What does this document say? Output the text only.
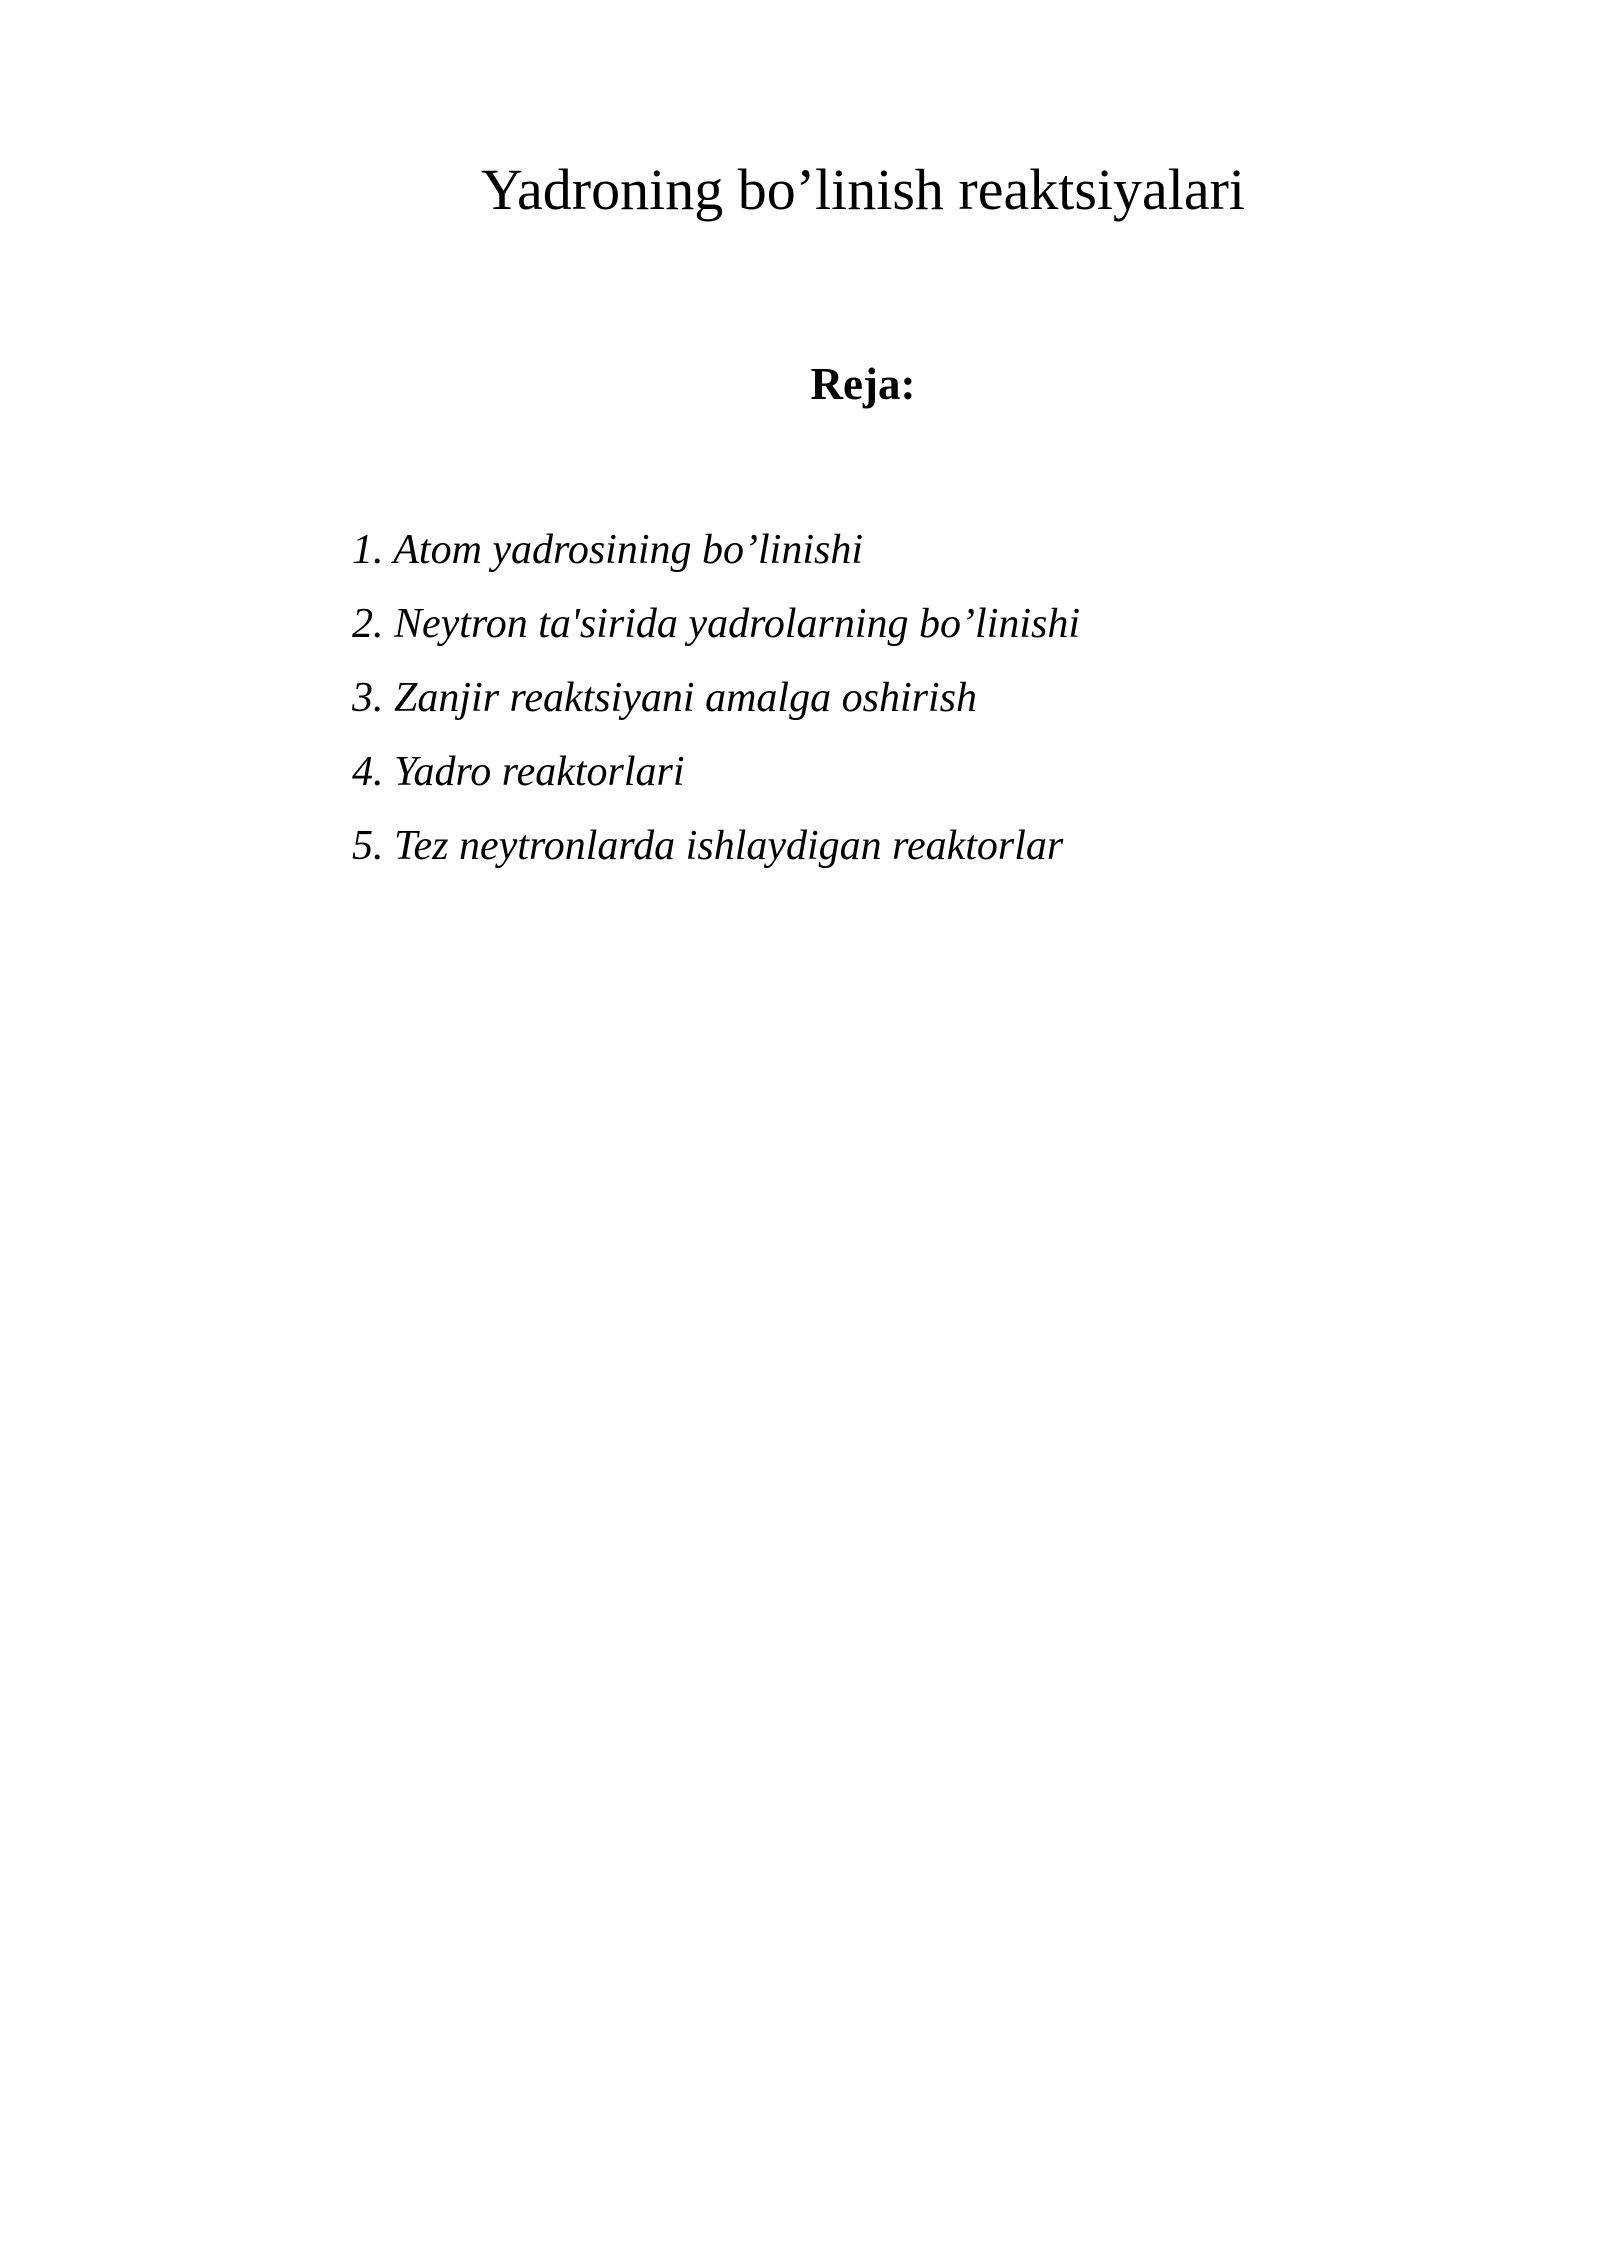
Yadroning bo’linish reaktsiyalari
Reja:
1. Atom yadrosining bo’linishi
2. Neytron ta'sirida yadrolarning bo’linishi
3. Zanjir reaktsiyani amalga oshirish
4. Yadro reaktorlari
5. Tez neytronlarda ishlaydigan reaktorlar
